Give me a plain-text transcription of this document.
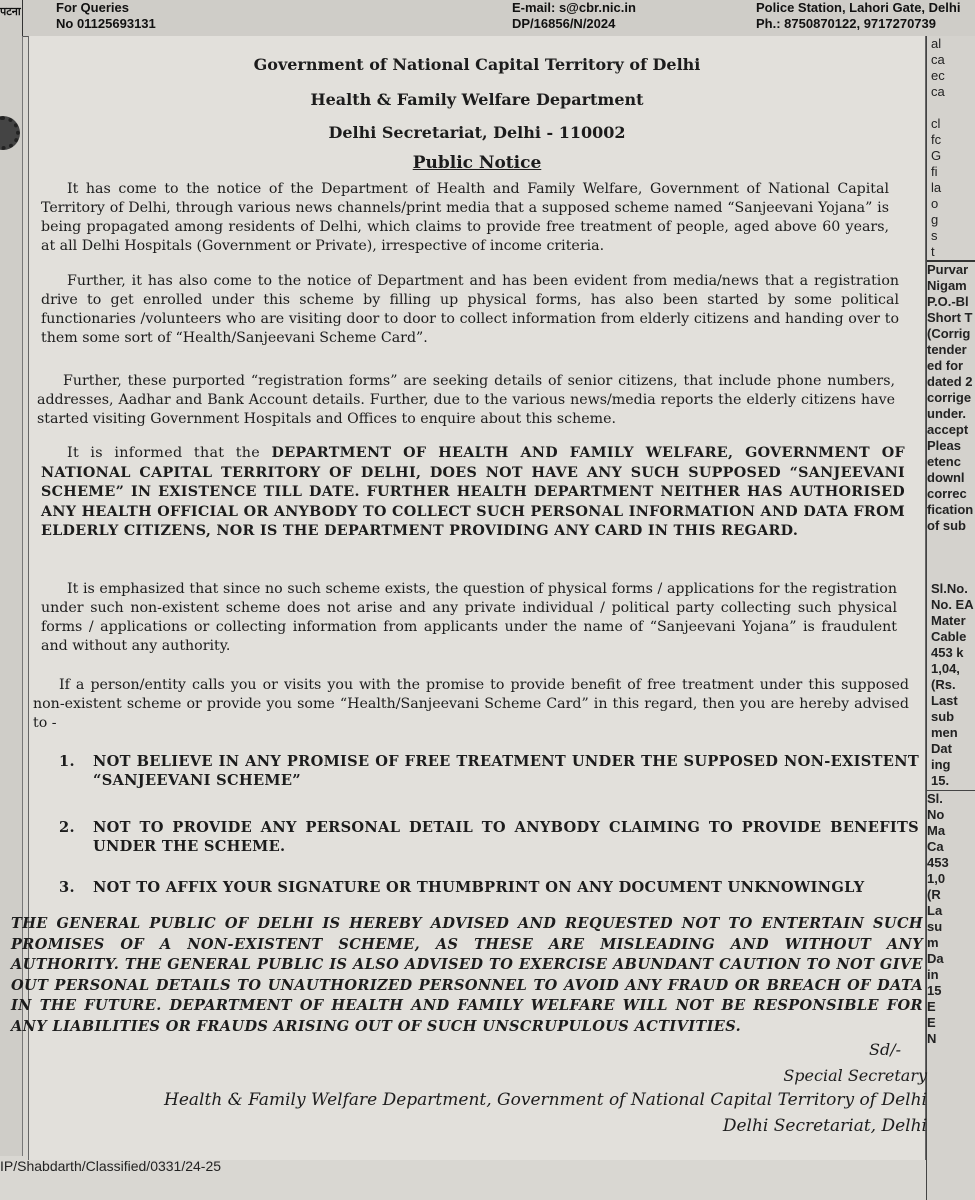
पटना	For Queries
No 01125693131
E-mail: s@cbr.nic.in
DP/16856/N/2024
Police Station, Lahori Gate, Delhi
Ph.: 8750870122, 9717270739
al
ca
ec
ca

cl
fc
G
fi
la
o
g
s
t
Purvar
Nigam
P.O.-Bl
Short T
(Corrig
tender
ed for
dated 2
corrige
under.
accept
Pleas
etenc
downl
correc
fication
of sub
Sl.No.
No. EA
Mater
Cable
453 k
1,04,
(Rs.
Last
sub
men
Dat
ing
15.
Sl.
No
Ma
Ca
453
1,0
(R
La
su
m
Da
in
15
E
E
N
Government of National Capital Territory of Delhi
Health & Family Welfare Department
Delhi Secretariat, Delhi - 110002
Public Notice
It has come to the notice of the Department of Health and Family Welfare, Government of National Capital Territory of Delhi, through various news channels/print media that a supposed scheme named “Sanjeevani Yojana” is being propagated among residents of Delhi, which claims to provide free treatment of people, aged above 60 years, at all Delhi Hospitals (Government or Private), irrespective of income criteria.
Further, it has also come to the notice of Department and has been evident from media/news that a registration drive to get enrolled under this scheme by filling up physical forms, has also been started by some political functionaries /volunteers who are visiting door to door to collect information from elderly citizens and handing over to them some sort of “Health/Sanjeevani Scheme Card”.
Further, these purported “registration forms” are seeking details of senior citizens, that include phone numbers, addresses, Aadhar and Bank Account details. Further, due to the various news/media reports the elderly citizens have started visiting Government Hospitals and Offices to enquire about this scheme.
It is informed that the DEPARTMENT OF HEALTH AND FAMILY WELFARE, GOVERNMENT OF NATIONAL CAPITAL TERRITORY OF DELHI, DOES NOT HAVE ANY SUCH SUPPOSED “SANJEEVANI SCHEME” IN EXISTENCE TILL DATE. FURTHER HEALTH DEPARTMENT NEITHER HAS AUTHORISED ANY HEALTH OFFICIAL OR ANYBODY TO COLLECT SUCH PERSONAL INFORMATION AND DATA FROM ELDERLY CITIZENS, NOR IS THE DEPARTMENT PROVIDING ANY CARD IN THIS REGARD.
It is emphasized that since no such scheme exists, the question of physical forms / applications for the registration under such non-existent scheme does not arise and any private individual / political party collecting such physical forms / applications or collecting information from applicants under the name of “Sanjeevani Yojana” is fraudulent and without any authority.
If a person/entity calls you or visits you with the promise to provide benefit of free treatment under this supposed non-existent scheme or provide you some “Health/Sanjeevani Scheme Card” in this regard, then you are hereby advised to -
1. NOT BELIEVE IN ANY PROMISE OF FREE TREATMENT UNDER THE SUPPOSED NON-EXISTENT “SANJEEVANI SCHEME”
2. NOT TO PROVIDE ANY PERSONAL DETAIL TO ANYBODY CLAIMING TO PROVIDE BENEFITS UNDER THE SCHEME.
3. NOT TO AFFIX YOUR SIGNATURE OR THUMBPRINT ON ANY DOCUMENT UNKNOWINGLY
THE GENERAL PUBLIC OF DELHI IS HEREBY ADVISED AND REQUESTED NOT TO ENTERTAIN SUCH PROMISES OF A NON-EXISTENT SCHEME, AS THESE ARE MISLEADING AND WITHOUT ANY AUTHORITY. THE GENERAL PUBLIC IS ALSO ADVISED TO EXERCISE ABUNDANT CAUTION TO NOT GIVE OUT PERSONAL DETAILS TO UNAUTHORIZED PERSONNEL TO AVOID ANY FRAUD OR BREACH OF DATA IN THE FUTURE. DEPARTMENT OF HEALTH AND FAMILY WELFARE WILL NOT BE RESPONSIBLE FOR ANY LIABILITIES OR FRAUDS ARISING OUT OF SUCH UNSCRUPULOUS ACTIVITIES.
Sd/-
Special Secretary
Health & Family Welfare Department, Government of National Capital Territory of Delhi
Delhi Secretariat, Delhi
IP/Shabdarth/Classified/0331/24-25
